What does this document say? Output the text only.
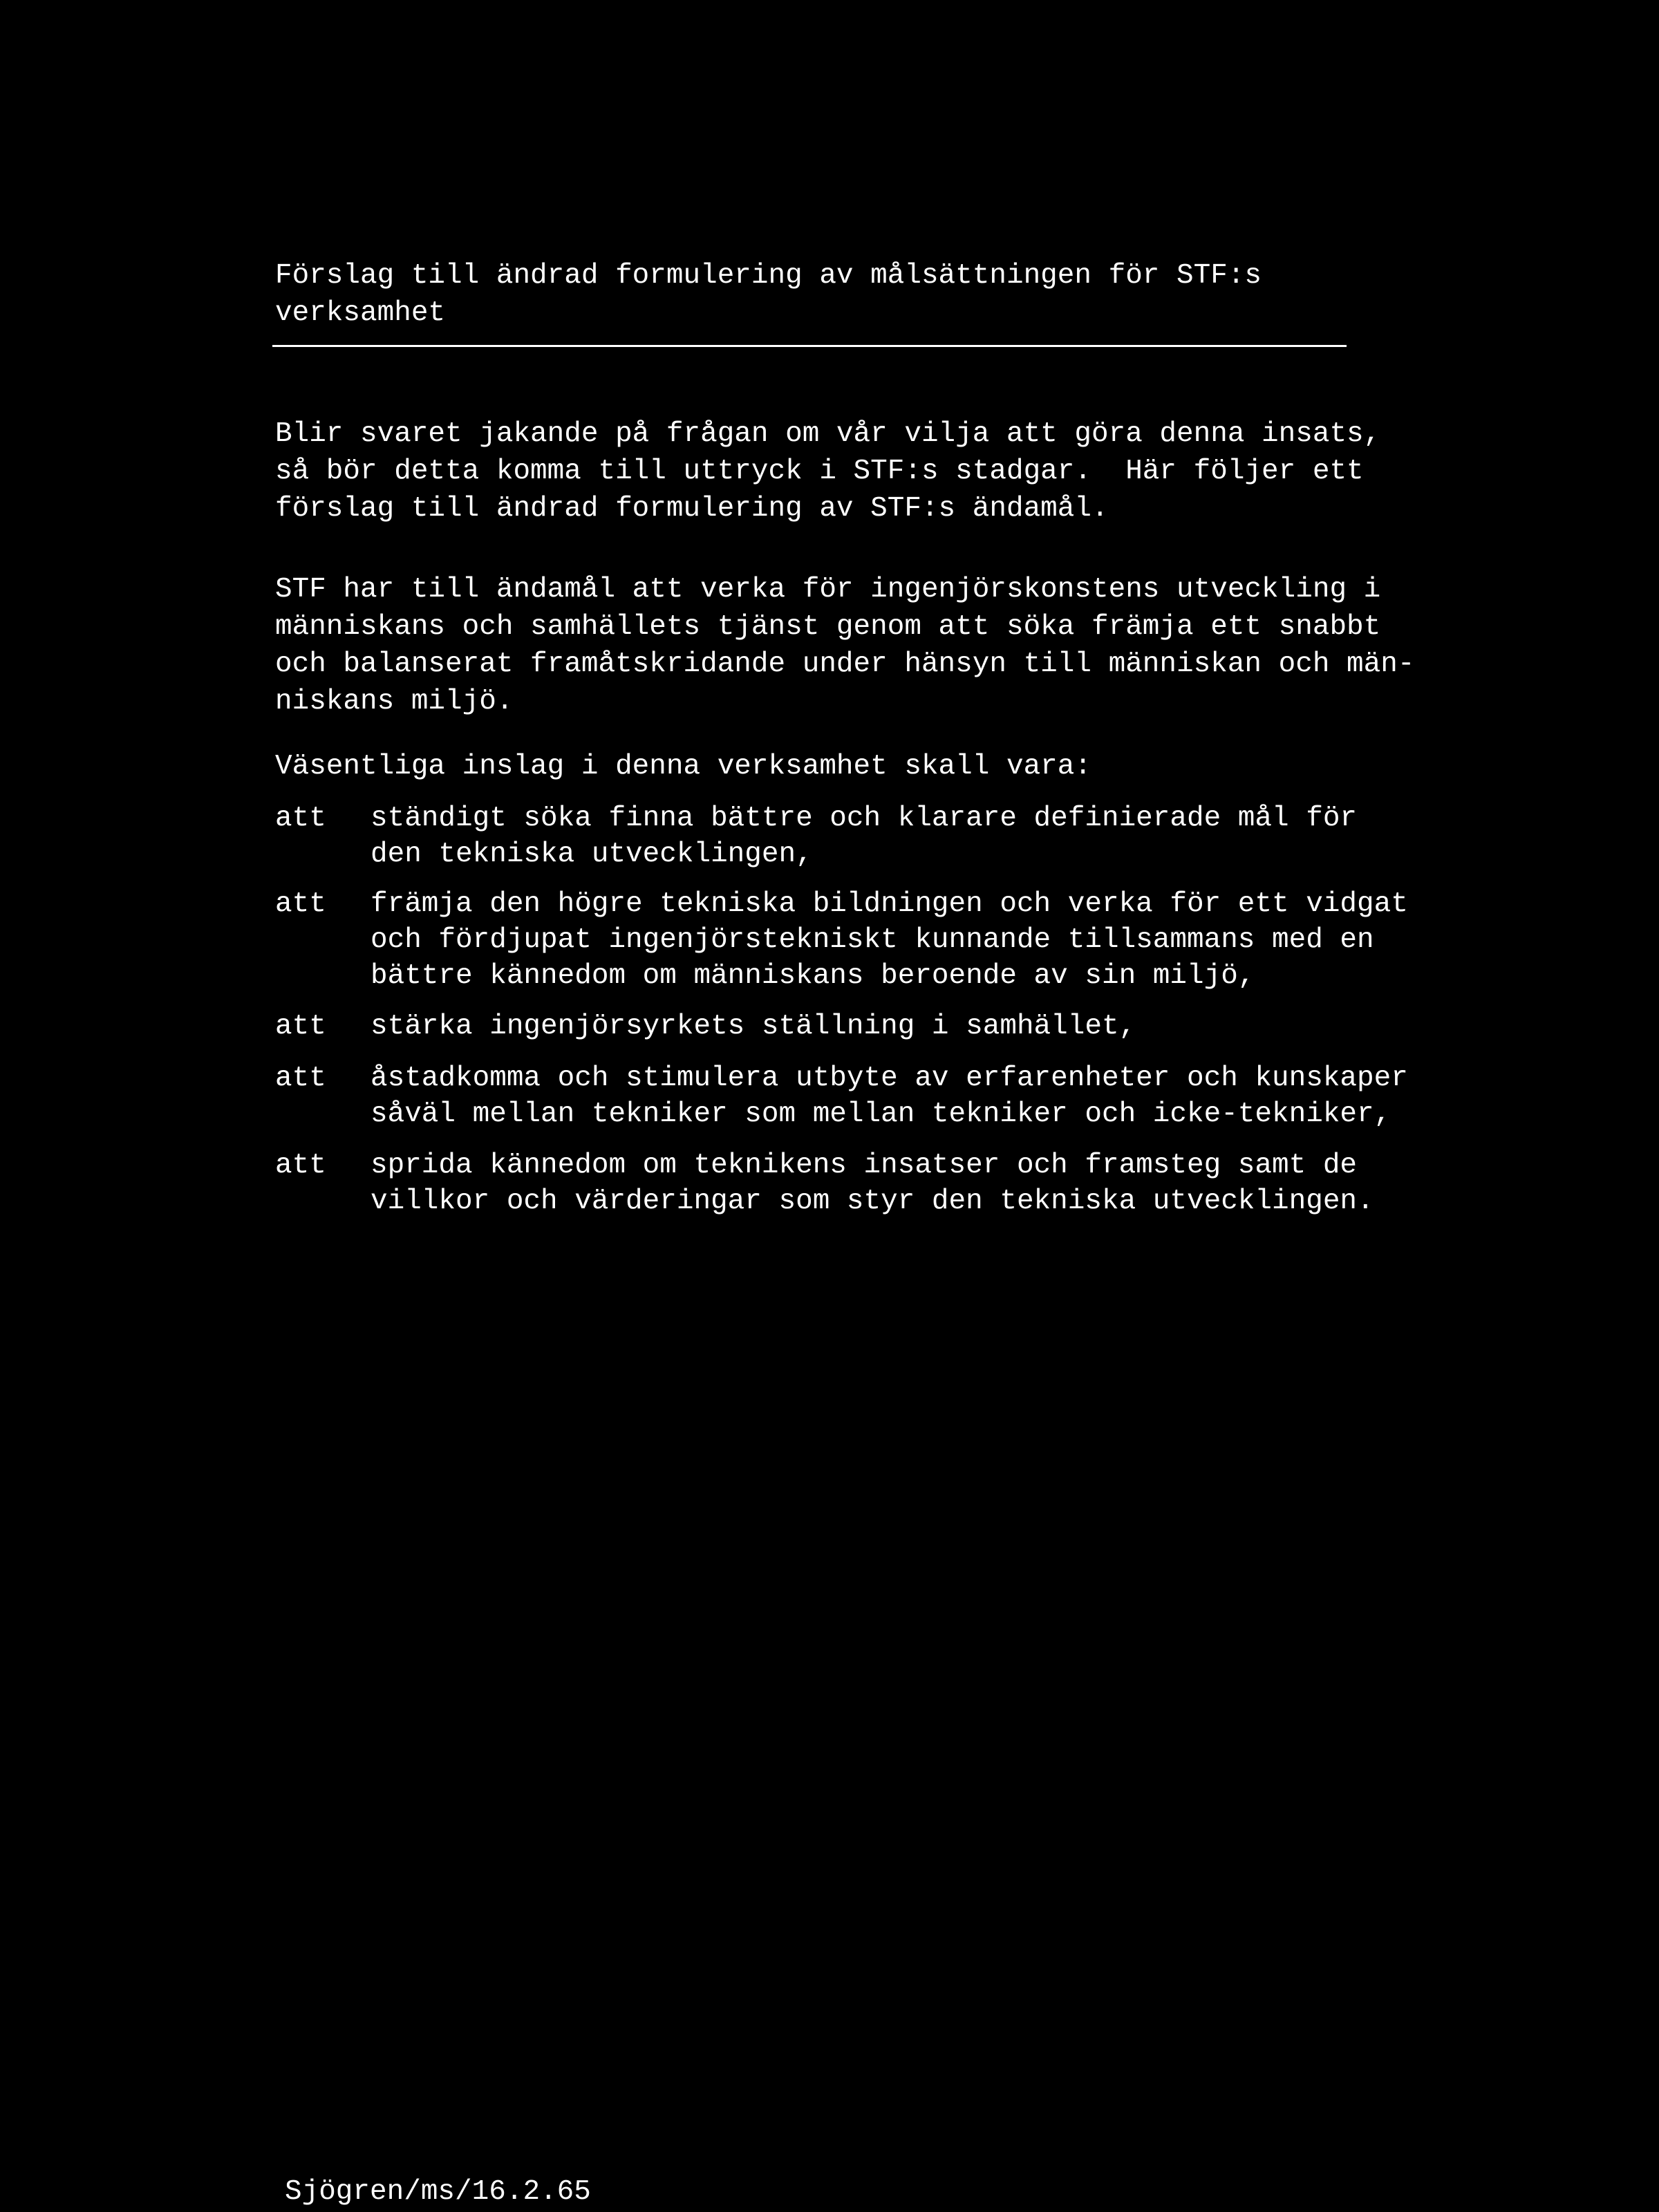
Förslag till ändrad formulering av målsättningen för STF:s
verksamhet

Blir svaret jakande på frågan om vår vilja att göra denna insats,
så bör detta komma till uttryck i STF:s stadgar.  Här följer ett
förslag till ändrad formulering av STF:s ändamål.

STF har till ändamål att verka för ingenjörskonstens utveckling i
människans och samhällets tjänst genom att söka främja ett snabbt
och balanserat framåtskridande under hänsyn till människan och män-
niskans miljö.

Väsentliga inslag i denna verksamhet skall vara:

att	ständigt söka finna bättre och klarare definierade mål för
den tekniska utvecklingen,
att	främja den högre tekniska bildningen och verka för ett vidgat
och fördjupat ingenjörstekniskt kunnande tillsammans med en
bättre kännedom om människans beroende av sin miljö,
att	stärka ingenjörsyrkets ställning i samhället,
att	åstadkomma och stimulera utbyte av erfarenheter och kunskaper
såväl mellan tekniker som mellan tekniker och icke-tekniker,
att	sprida kännedom om teknikens insatser och framsteg samt de
villkor och värderingar som styr den tekniska utvecklingen.

Sjögren/ms/16.2.65
